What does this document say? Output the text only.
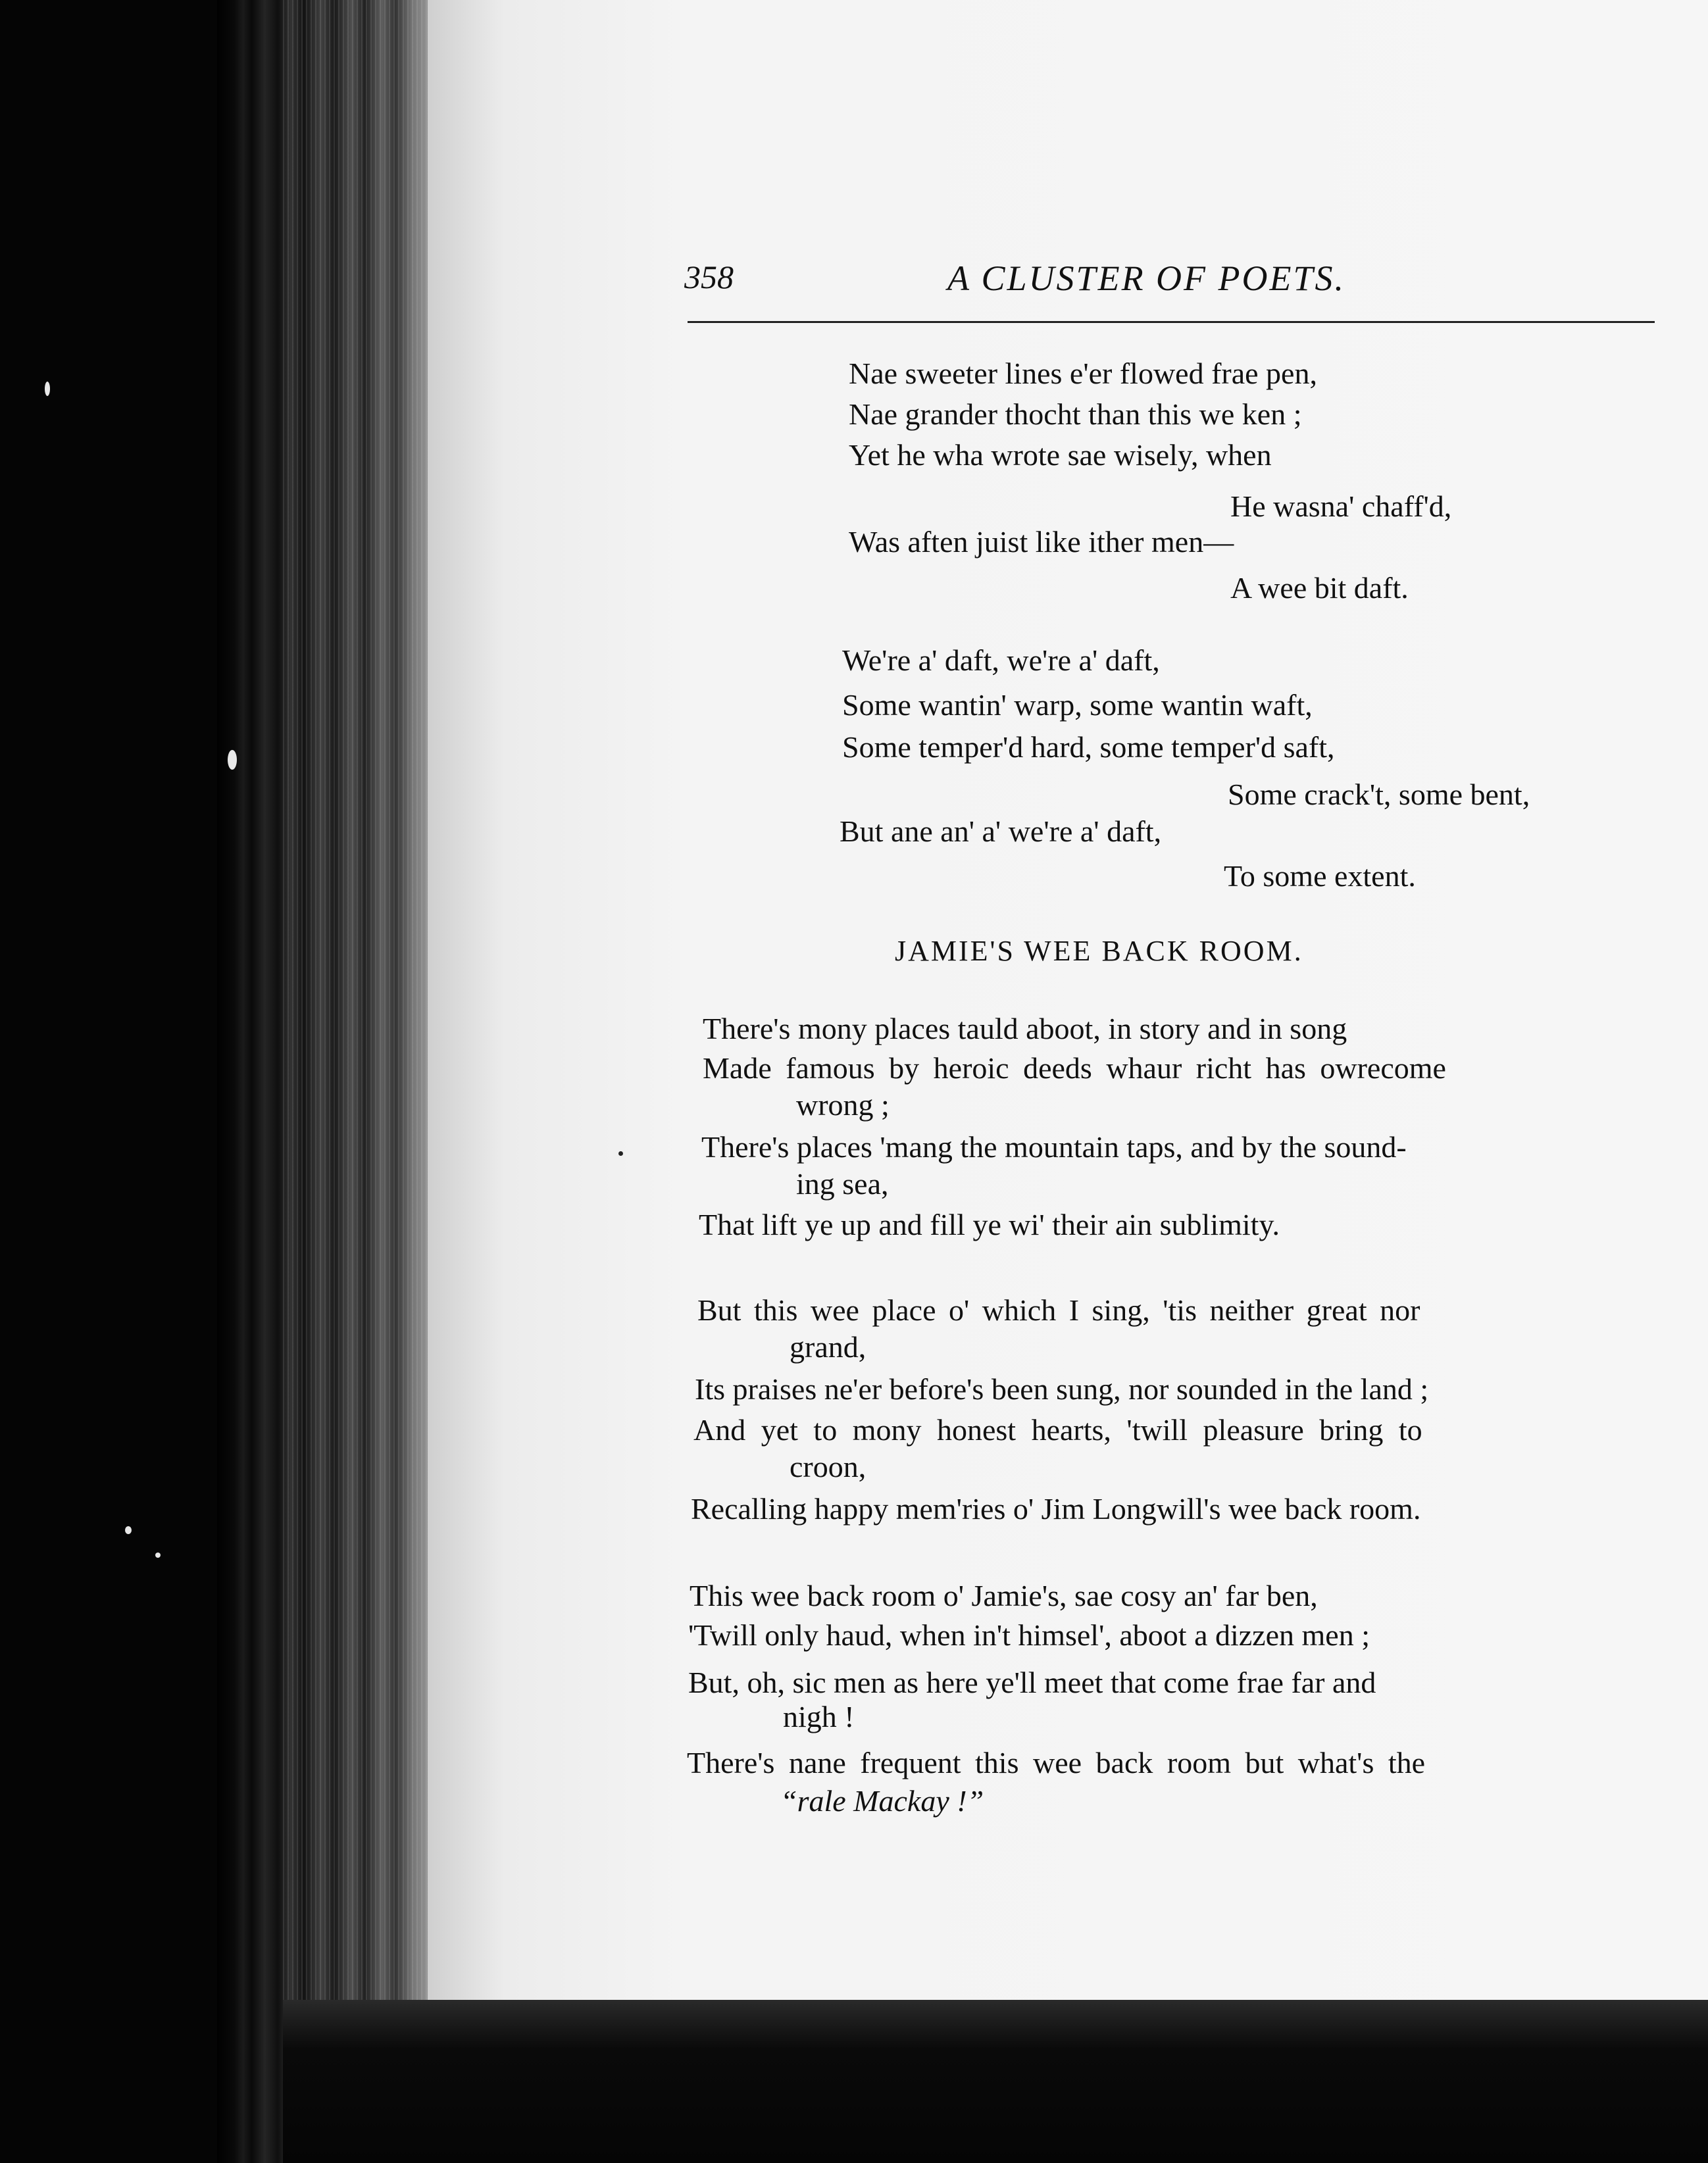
358	A CLUSTER OF POETS.
Nae sweeter lines e'er flowed frae pen,
Nae grander thocht than this we ken ;
Yet he wha wrote sae wisely, when
He wasna' chaff'd,
Was aften juist like ither men—
A wee bit daft.
We're a' daft, we're a' daft,
Some wantin' warp, some wantin waft,
Some temper'd hard, some temper'd saft,
Some crack't, some bent,
But ane an' a' we're a' daft,
To some extent.
JAMIE'S WEE BACK ROOM.
There's mony places tauld aboot, in story and in song
Made famous by heroic deeds whaur richt has owrecome
wrong ;
There's places 'mang the mountain taps, and by the sound-
ing sea,
That lift ye up and fill ye wi' their ain sublimity.
But this wee place o' which I sing, 'tis neither great nor
grand,
Its praises ne'er before's been sung, nor sounded in the land ;
And yet to mony honest hearts, 'twill pleasure bring to
croon,
Recalling happy mem'ries o' Jim Longwill's wee back room.
This wee back room o' Jamie's, sae cosy an' far ben,
'Twill only haud, when in't himsel', aboot a dizzen men ;
But, oh, sic men as here ye'll meet that come frae far and
nigh !
There's nane frequent this wee back room but what's the
“rale Mackay !”
